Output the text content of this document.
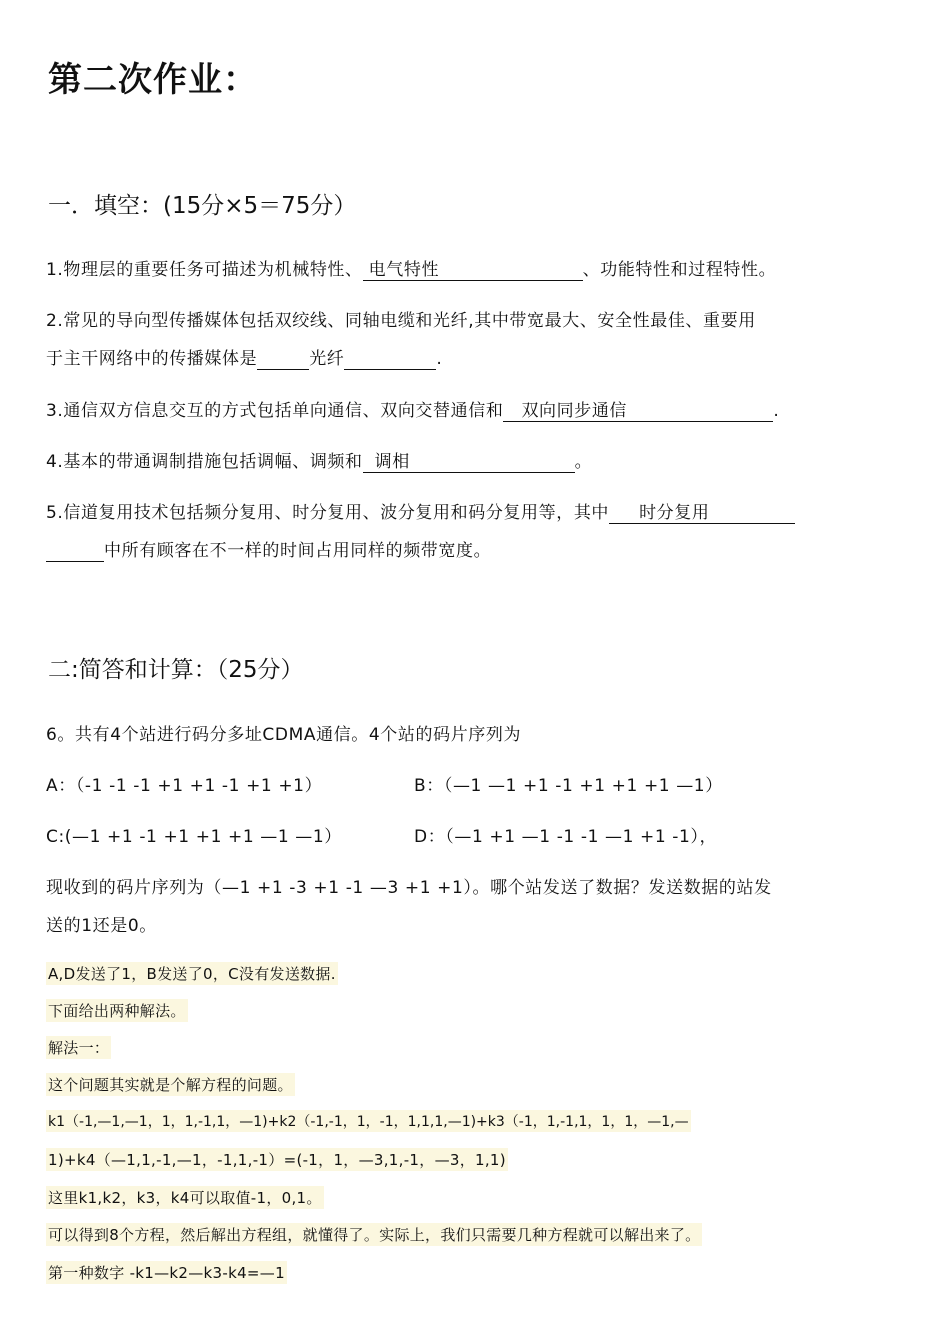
第二次作业：
一．填空：(15分×5＝75分）
1.物理层的重要任务可描述为机械特性、 电气特性	、功能特性和过程特性。
2.常见的导向型传播媒体包括双绞线、同轴电缆和光纤,其中带宽最大、安全性最佳、重要用
于主干网络中的传播媒体是	光纤	.
3.通信双方信息交互的方式包括单向通信、双向交替通信和 双向同步通信	.
4.基本的带通调制措施包括调幅、调频和 调相	。
5.信道复用技术包括频分复用、时分复用、波分复用和码分复用等，其中 时分复用
中所有顾客在不一样的时间占用同样的频带宽度。
二:简答和计算：（25分）
6。共有4个站进行码分多址CDMA通信。4个站的码片序列为
A：（-1 -1 -1 +1 +1 -1 +1 +1）	B：（—1 —1 +1 -1 +1 +1 +1 —1）
C:(—1 +1 -1 +1 +1 +1 —1 —1）	D：（—1 +1 —1 -1 -1 —1 +1 -1），
现收到的码片序列为（—1 +1 -3 +1 -1 —3 +1 +1）。哪个站发送了数据？发送数据的站发
送的1还是0。
A,D发送了1，B发送了0，C没有发送数据.
下面给出两种解法。
解法一：
这个问题其实就是个解方程的问题。
k1（-1,—1,—1，1，1,-1,1，—1)+k2（-1,-1，1，-1，1,1,1,—1)+k3（-1，1,-1,1，1，1，—1,—
1)+k4（—1,1,-1,—1，-1,1,-1）=(-1，1，—3,1,-1，—3，1,1)
这里k1,k2，k3，k4可以取值-1，0,1。
可以得到8个方程，然后解出方程组，就懂得了。实际上，我们只需要几种方程就可以解出来了。
第一种数字 -k1—k2—k3-k4=—1
